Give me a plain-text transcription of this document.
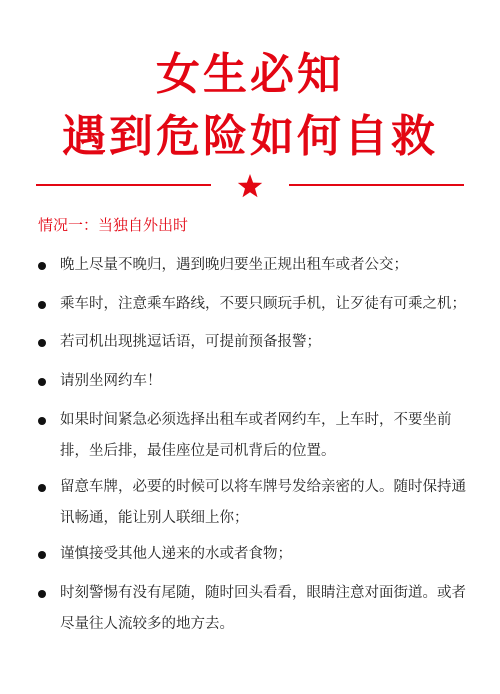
女生必知
遇到危险如何自救
情况一：当独自外出时
晚上尽量不晚归，遇到晚归要坐正规出租车或者公交；
乘车时，注意乘车路线，不要只顾玩手机，让歹徒有可乘之机；
若司机出现挑逗话语，可提前预备报警；
请别坐网约车！
如果时间紧急必须选择出租车或者网约车，上车时，不要坐前排，坐后排，最佳座位是司机背后的位置。
留意车牌，必要的时候可以将车牌号发给亲密的人。随时保持通讯畅通，能让别人联细上你；
谨慎接受其他人递来的水或者食物；
时刻警惕有没有尾随，随时回头看看，眼睛注意对面街道。或者尽量往人流较多的地方去。
